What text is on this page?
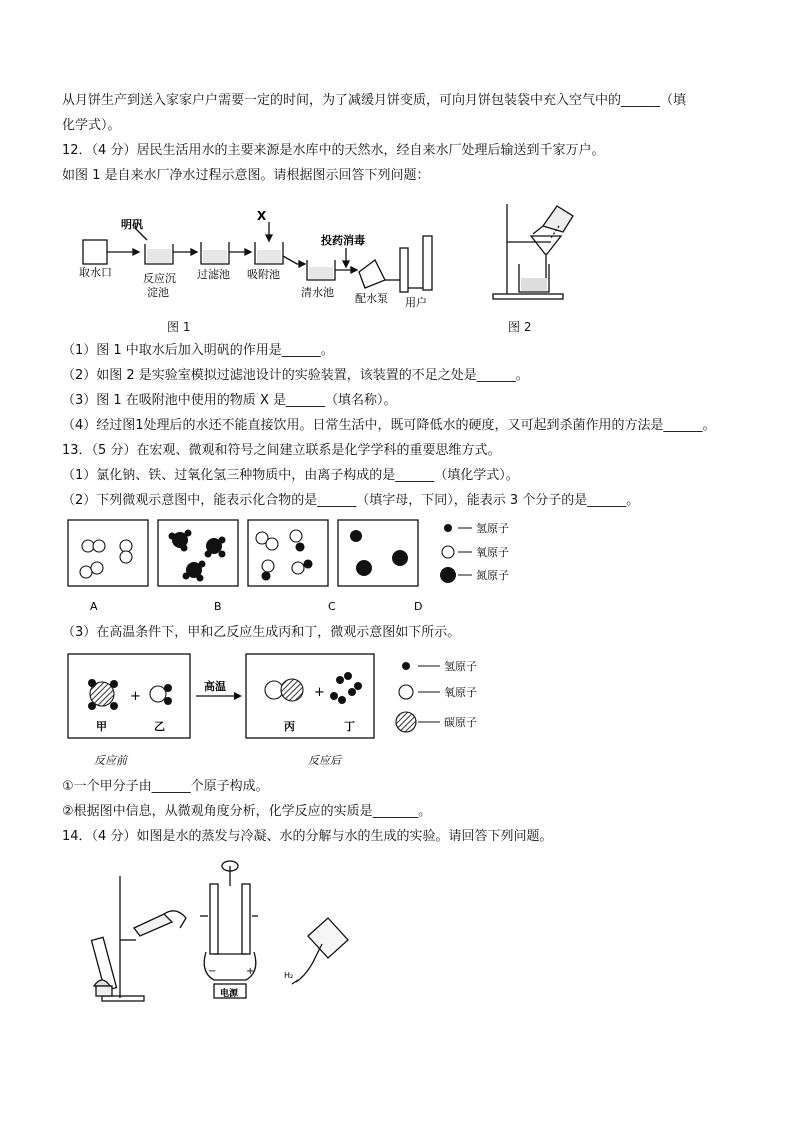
从月饼生产到送入家家户户需要一定的时间，为了减缓月饼变质，可向月饼包装袋中充入空气中的______（填
化学式）。
12．（4 分）居民生活用水的主要来源是水库中的天然水，经自来水厂处理后输送到千家万户。
如图 1 是自来水厂净水过程示意图。请根据图示回答下列问题：
取水口
明矾
反应沉
淀池
过滤池 吸附池
X
清水池
投药消毒
配水泵 用户
图 1	图 2
（1）图 1 中取水后加入明矾的作用是______。
（2）如图 2 是实验室模拟过滤池设计的实验装置，该装置的不足之处是______。
（3）图 1 在吸附池中使用的物质 X 是______（填名称）。
（4）经过图1处理后的水还不能直接饮用。日常生活中，既可降低水的硬度，又可起到杀菌作用的方法是______。
13．（5 分）在宏观、微观和符号之间建立联系是化学学科的重要思维方式。
（1）氯化钠、铁、过氧化氢三种物质中，由离子构成的是______（填化学式）。
（2）下列微观示意图中，能表示化合物的是______（填字母，下同），能表示 3 个分子的是______。
氢原子
氧原子
氮原子
A	B	C	D
（3）在高温条件下，甲和乙反应生成丙和丁，微观示意图如下所示。
高温
+
甲	乙
+
丙	丁
氢原子
氧原子
碳原子
反应前	反应后
①一个甲分子由______个原子构成。
②根据图中信息，从微观角度分析，化学反应的实质是_______。
14．（4 分）如图是水的蒸发与冷凝、水的分解与水的生成的实验。请回答下列问题。
电源
−	+	H₂
